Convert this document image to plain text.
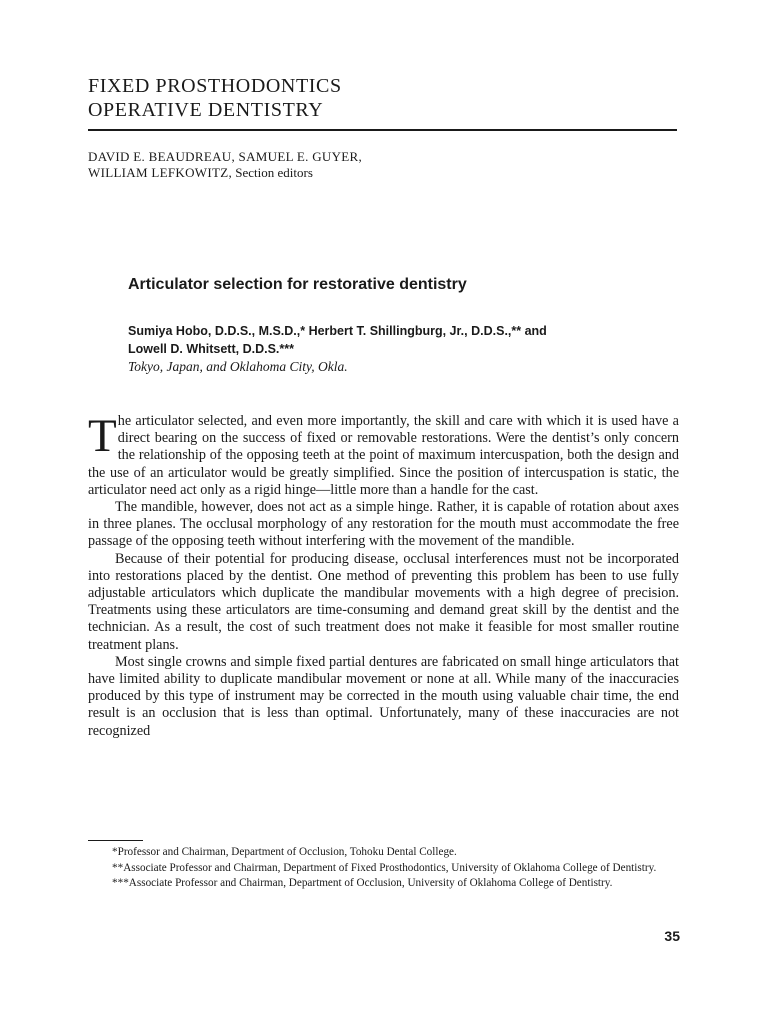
FIXED PROSTHODONTICS
OPERATIVE DENTISTRY
DAVID E. BEAUDREAU, SAMUEL E. GUYER,
WILLIAM LEFKOWITZ, Section editors
Articulator selection for restorative dentistry
Sumiya Hobo, D.D.S., M.S.D.,* Herbert T. Shillingburg, Jr., D.D.S.,** and
Lowell D. Whitsett, D.D.S.***
Tokyo, Japan, and Oklahoma City, Okla.

The articulator selected, and even more importantly, the skill and care with which it is used have a direct bearing on the success of fixed or removable restorations. Were the dentist’s only concern the relationship of the opposing teeth at the point of maximum intercuspation, both the design and the use of an articulator would be greatly simplified. Since the position of intercuspation is static, the articulator need act only as a rigid hinge—little more than a handle for the cast.

The mandible, however, does not act as a simple hinge. Rather, it is capable of rotation about axes in three planes. The occlusal morphology of any restoration for the mouth must accommodate the free passage of the opposing teeth without interfering with the movement of the mandible.

Because of their potential for producing disease, occlusal interferences must not be incorporated into restorations placed by the dentist. One method of preventing this problem has been to use fully adjustable articulators which duplicate the mandibular movements with a high degree of precision. Treatments using these articulators are time-consuming and demand great skill by the dentist and the technician. As a result, the cost of such treatment does not make it feasible for most smaller routine treatment plans.

Most single crowns and simple fixed partial dentures are fabricated on small hinge articulators that have limited ability to duplicate mandibular movement or none at all. While many of the inaccuracies produced by this type of instrument may be corrected in the mouth using valuable chair time, the end result is an occlusion that is less than optimal. Unfortunately, many of these inaccuracies are not recognized

*Professor and Chairman, Department of Occlusion, Tohoku Dental College.

**Associate Professor and Chairman, Department of Fixed Prosthodontics, University of Oklahoma College of Dentistry.

***Associate Professor and Chairman, Department of Occlusion, University of Oklahoma College of Dentistry.

35
